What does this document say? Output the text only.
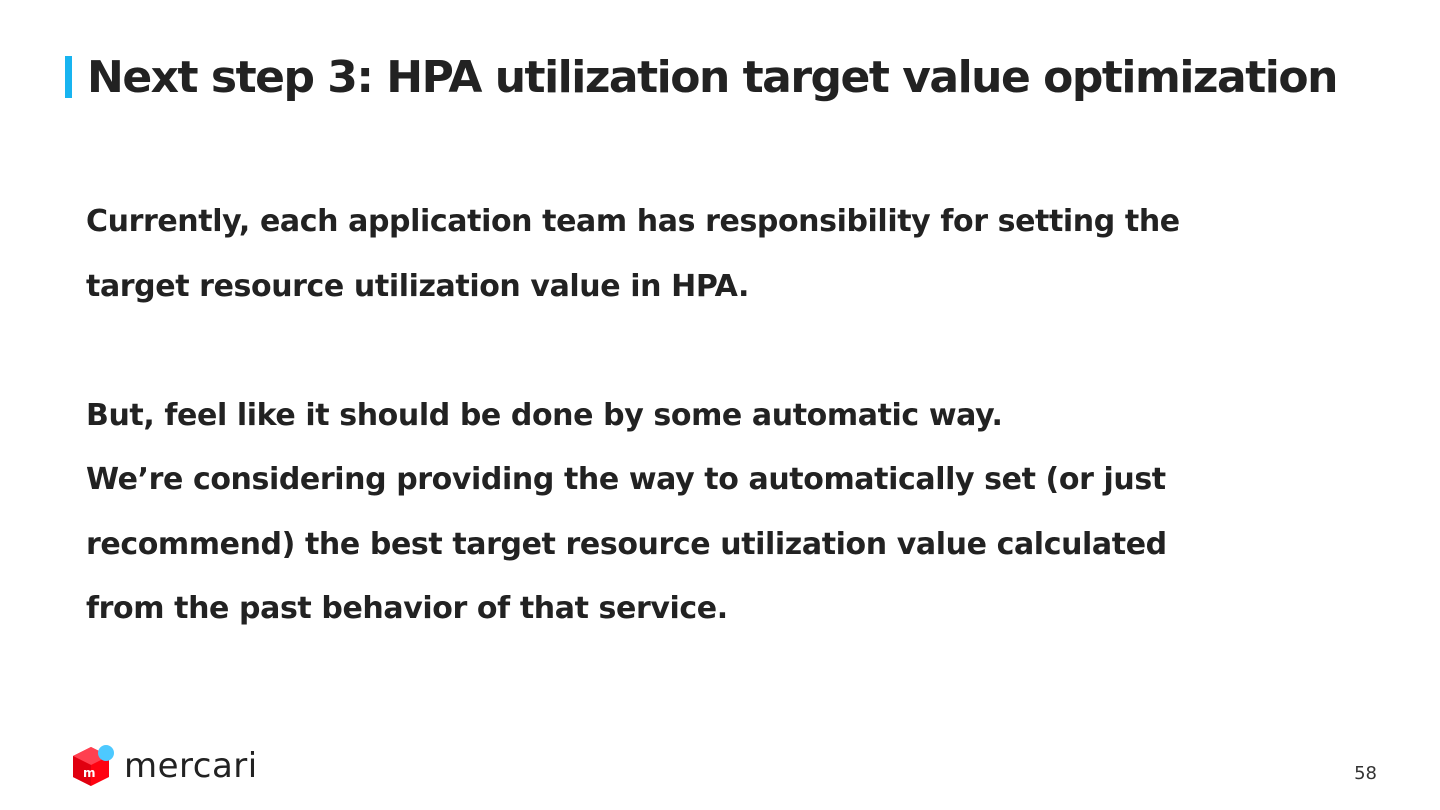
Next step 3: HPA utilization target value optimization

Currently, each application team has responsibility for setting the

target resource utilization value in HPA.

But, feel like it should be done by some automatic way.

We’re considering providing the way to automatically set (or just

recommend) the best target resource utilization value calculated

from the past behavior of that service.

m mercari	58
